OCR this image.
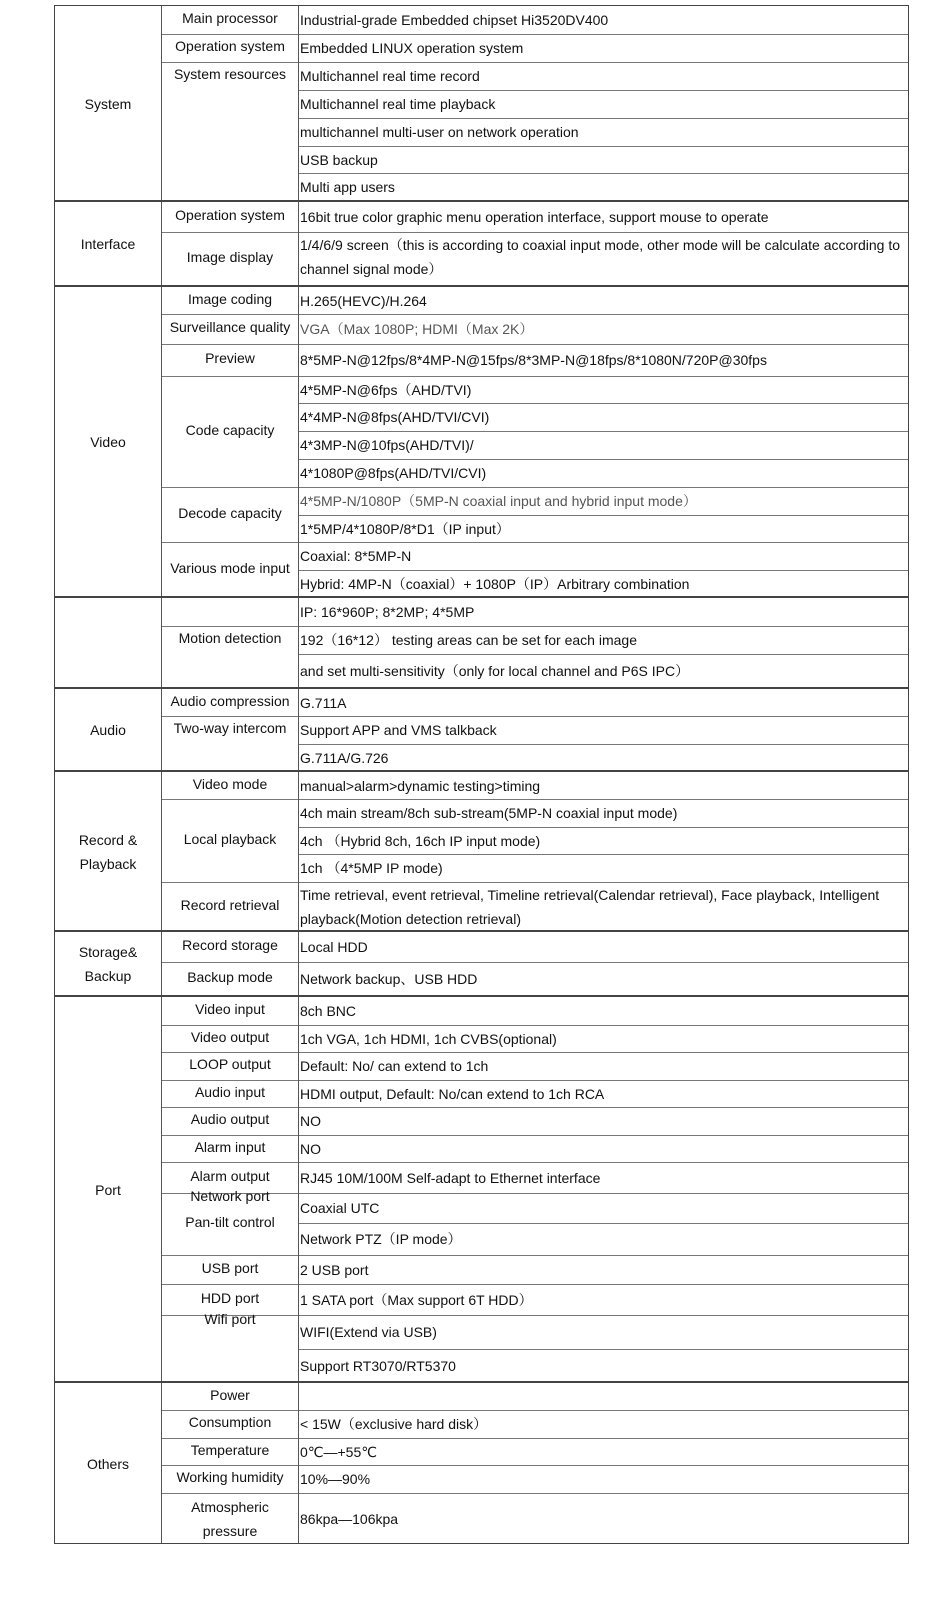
System
Main processor
Operation system
System resources
Industrial-grade Embedded chipset Hi3520DV400
Embedded LINUX operation system
Multichannel real time record
Multichannel real time playback
multichannel multi-user on network operation
USB backup
Multi app users
Interface
Operation system
Image display
16bit true color graphic menu operation interface, support mouse to operate
1/4/6/9 screen（this is according to coaxial input mode, other mode will be calculate according to channel signal mode）
Video
Image coding
Surveillance quality
Preview
Code capacity
Decode capacity
Various mode input
H.265(HEVC)/H.264
VGA（Max 1080P; HDMI（Max 2K）
8*5MP-N@12fps/8*4MP-N@15fps/8*3MP-N@18fps/8*1080N/720P@30fps
4*5MP-N@6fps（AHD/TVI)
4*4MP-N@8fps(AHD/TVI/CVI)
4*3MP-N@10fps(AHD/TVI)/
4*1080P@8fps(AHD/TVI/CVI)
4*5MP-N/1080P（5MP-N coaxial input and hybrid input mode）
1*5MP/4*1080P/8*D1（IP input）
Coaxial: 8*5MP-N
Hybrid: 4MP-N（coaxial）+ 1080P（IP）Arbitrary combination
Motion detection
IP: 16*960P; 8*2MP; 4*5MP
192（16*12） testing areas can be set for each image
and set multi-sensitivity（only for local channel and P6S IPC）
Audio
Audio compression
Two-way intercom
G.711A
Support APP and VMS talkback
G.711A/G.726
Record & Playback
Video mode
Local playback
Record retrieval
manual>alarm>dynamic testing>timing
4ch main stream/8ch sub-stream(5MP-N coaxial input mode)
4ch （Hybrid 8ch, 16ch IP input mode)
1ch （4*5MP IP mode)
Time retrieval, event retrieval, Timeline retrieval(Calendar retrieval), Face playback, Intelligent playback(Motion detection retrieval)
Storage& Backup
Record storage
Backup mode
Local HDD
Network backup、USB HDD
Port
Video input
Video output
LOOP output
Audio input
Audio output
Alarm input
Alarm output
Network port
Pan-tilt control
USB port
HDD port
Wifi port
8ch BNC
1ch VGA, 1ch HDMI, 1ch CVBS(optional)
Default: No/ can extend to 1ch
HDMI output, Default: No/can extend to 1ch RCA
NO
NO
RJ45 10M/100M Self-adapt to Ethernet interface
Coaxial UTC
Network PTZ（IP mode）
2 USB port
1 SATA port（Max support 6T HDD）
WIFI(Extend via USB)
Support RT3070/RT5370
Others
Power
Consumption
Temperature
Working humidity
Atmospheric pressure
< 15W（exclusive hard disk）
0℃—+55℃
10%—90%
86kpa—106kpa
